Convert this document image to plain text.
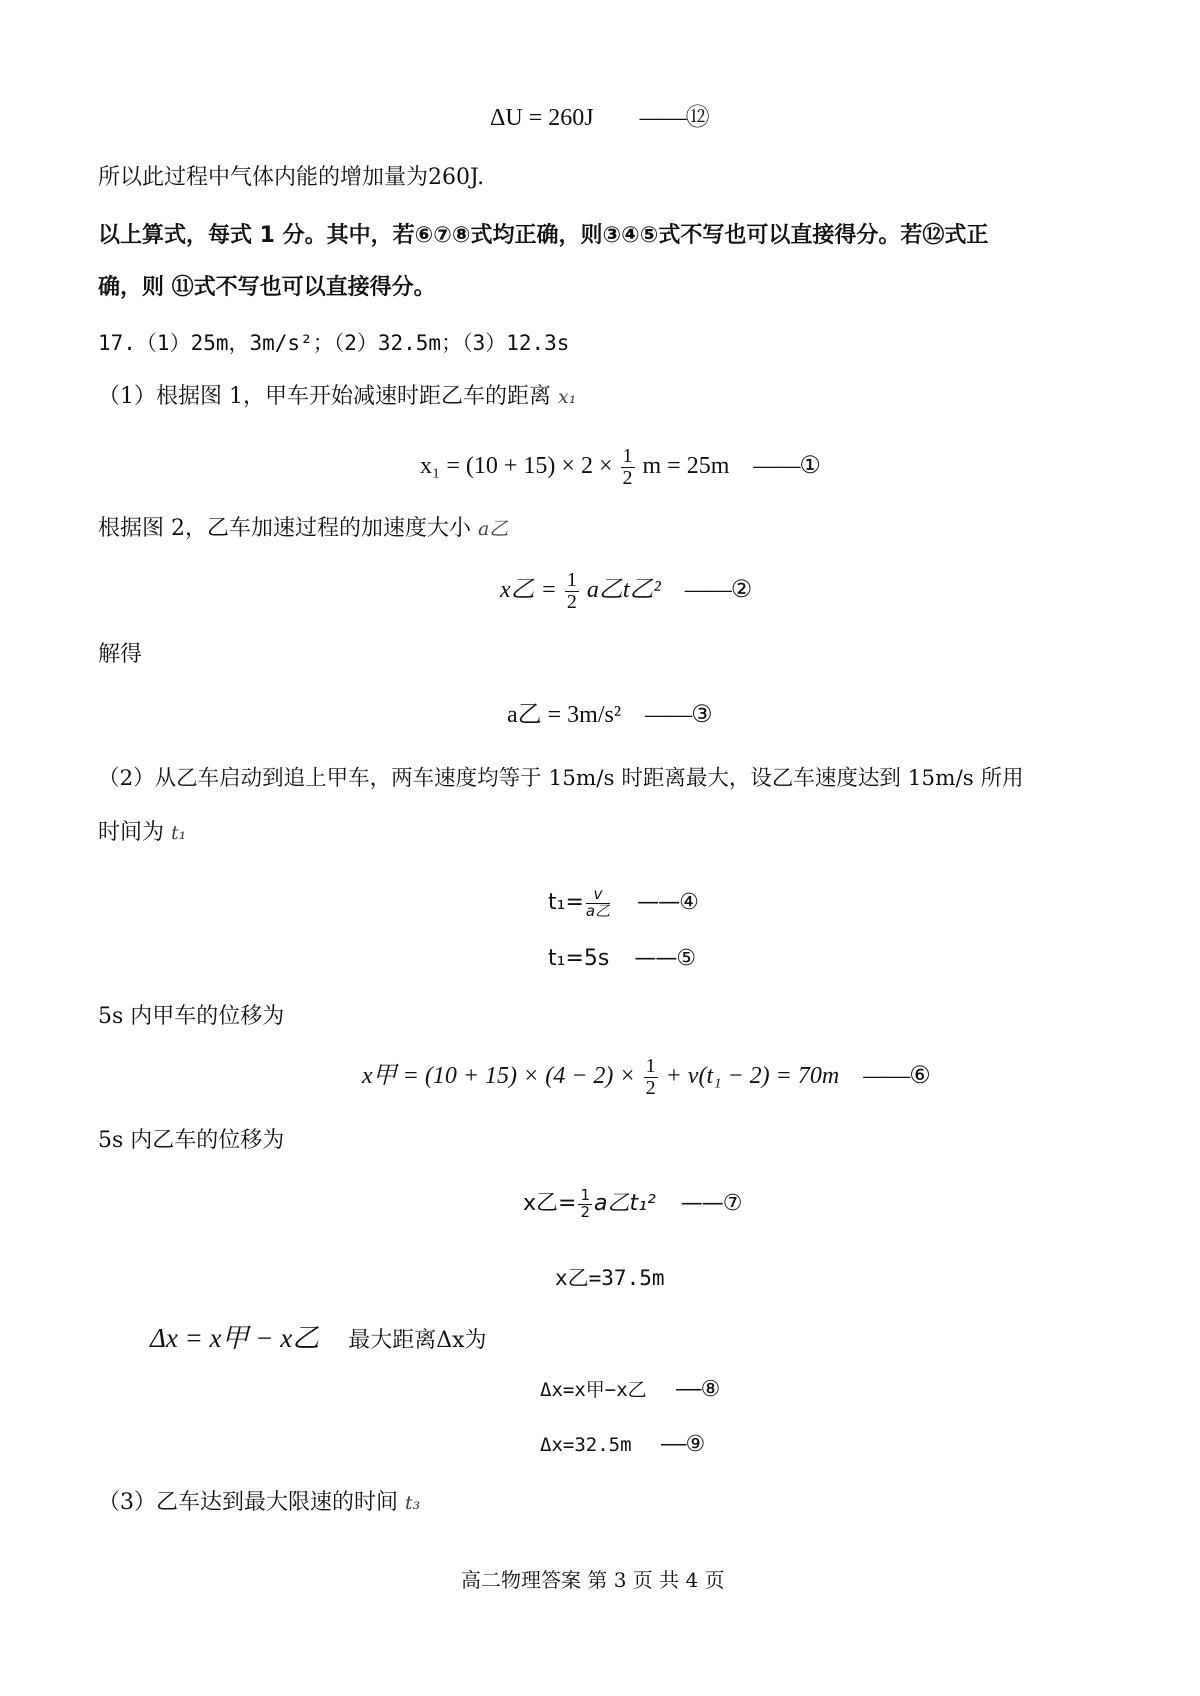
ΔU = 260J ——⑫
所以此过程中气体内能的增加量为260J.
以上算式，每式 1 分。其中，若⑥⑦⑧式均正确，则③④⑤式不写也可以直接得分。若⑫式正
确，则 ⑪式不写也可以直接得分。
17.（1）25m，3m/s²；（2）32.5m；（3）12.3s
（1）根据图 1，甲车开始减速时距乙车的距离 x₁
$x_1 = (10 + 15) \times 2 \times \frac{1}{2}$ m = 25m ——①
根据图 2，乙车加速过程的加速度大小 a乙
x乙 = $\frac{1}{2}$ a乙t乙² ——②
解得
a乙 = 3m/s² ——③
（2）从乙车启动到追上甲车，两车速度均等于 15m/s 时距离最大，设乙车速度达到 15m/s 所用
时间为 t₁
$t_1= \frac{v}{\text{a乙}}$ ——④
t₁=5s ——⑤
5s 内甲车的位移为
x甲 = $(10 + 15) \times (4 - 2) \times \frac{1}{2} + v(t_1 - 2) = 70m$ ——⑥
5s 内乙车的位移为
x乙= $\frac{1}{2}$ a乙t₁² ——⑦
x乙=37.5m
Δx = x甲 − x乙 最大距离Δx为
Δx=x甲−x乙 ——⑧
Δx=32.5m ——⑨
（3）乙车达到最大限速的时间 t₃
高二物理答案 第 3 页 共 4 页
